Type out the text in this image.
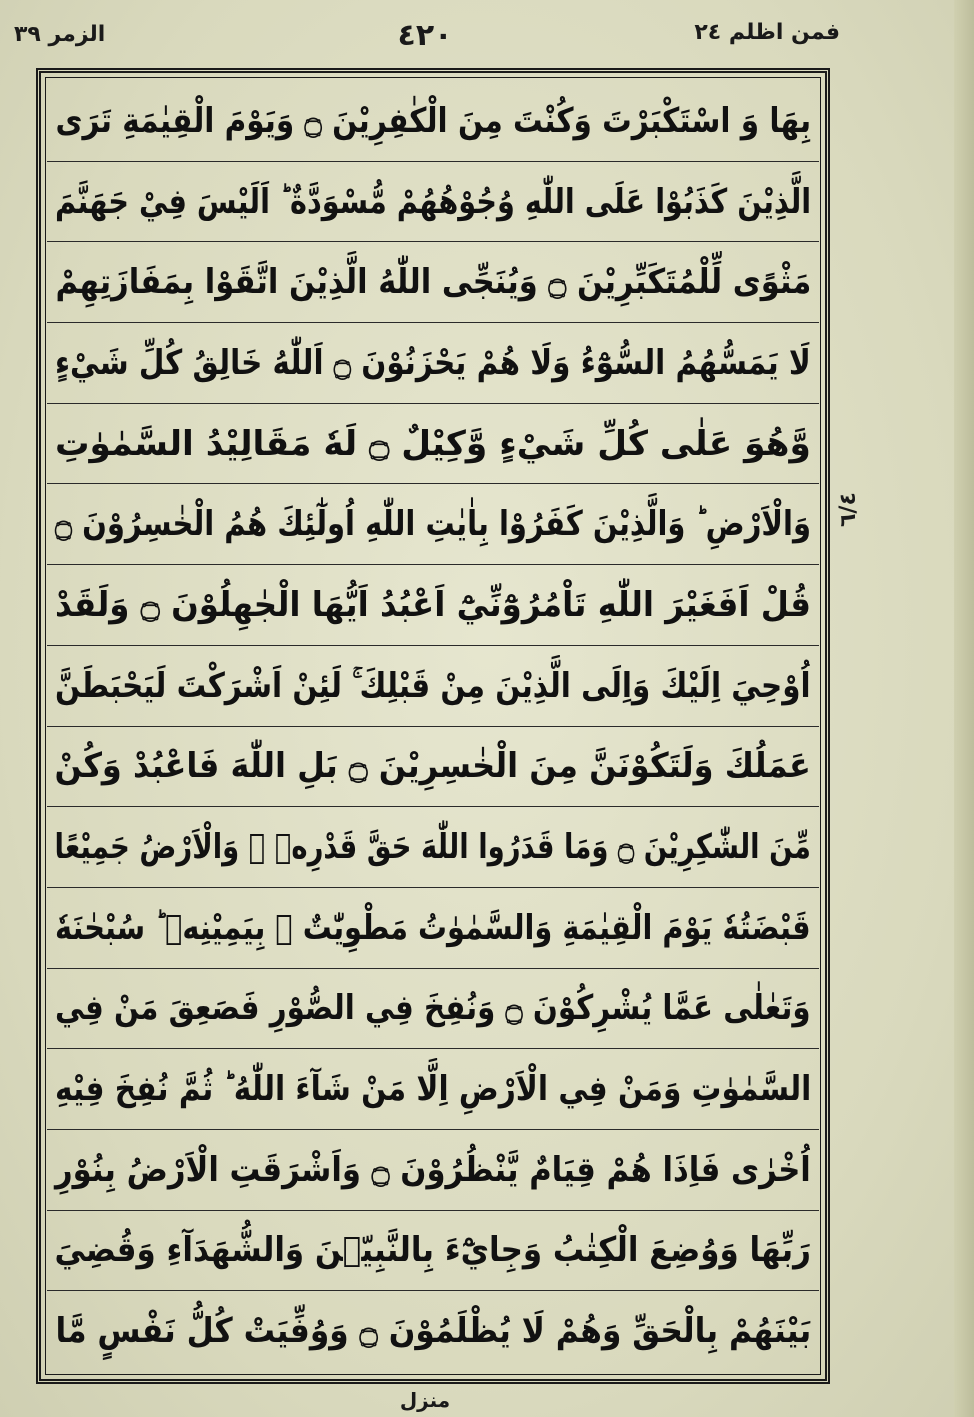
الزمر ٣٩	٤٢٠	فمن اظلم ٢٤
بِهَا وَ اسْتَكْبَرْتَ وَكُنْتَ مِنَ الْكٰفِرِيْنَ ۝ وَيَوْمَ الْقِيٰمَةِ تَرَى
الَّذِيْنَ كَذَبُوْا عَلَى اللّٰهِ وُجُوْهُهُمْ مُّسْوَدَّةٌ ؕ اَلَيْسَ فِيْ جَهَنَّمَ
مَثْوًى لِّلْمُتَكَبِّرِيْنَ ۝ وَيُنَجِّى اللّٰهُ الَّذِيْنَ اتَّقَوْا بِمَفَازَتِهِمْ
لَا يَمَسُّهُمُ السُّوْٓءُ وَلَا هُمْ يَحْزَنُوْنَ ۝ اَللّٰهُ خَالِقُ كُلِّ شَيْءٍ
وَّهُوَ عَلٰى كُلِّ شَيْءٍ وَّكِيْلٌ ۝ لَهٗ مَقَالِيْدُ السَّمٰوٰتِ
وَالْاَرْضِ ؕ وَالَّذِيْنَ كَفَرُوْا بِاٰيٰتِ اللّٰهِ اُولٰٓئِكَ هُمُ الْخٰسِرُوْنَ ۝
قُلْ اَفَغَيْرَ اللّٰهِ تَاْمُرُوْٓنِّيْٓ اَعْبُدُ اَيُّهَا الْجٰهِلُوْنَ ۝ وَلَقَدْ
اُوْحِيَ اِلَيْكَ وَاِلَى الَّذِيْنَ مِنْ قَبْلِكَ ۚ لَئِنْ اَشْرَكْتَ لَيَحْبَطَنَّ
عَمَلُكَ وَلَتَكُوْنَنَّ مِنَ الْخٰسِرِيْنَ ۝ بَلِ اللّٰهَ فَاعْبُدْ وَكُنْ
مِّنَ الشّٰكِرِيْنَ ۝ وَمَا قَدَرُوا اللّٰهَ حَقَّ قَدْرِهٖ ۖ وَالْاَرْضُ جَمِيْعًا
قَبْضَتُهٗ يَوْمَ الْقِيٰمَةِ وَالسَّمٰوٰتُ مَطْوِيّٰتٌ ۢ بِيَمِيْنِهٖ ؕ سُبْحٰنَهٗ
وَتَعٰلٰى عَمَّا يُشْرِكُوْنَ ۝ وَنُفِخَ فِي الصُّوْرِ فَصَعِقَ مَنْ فِي
السَّمٰوٰتِ وَمَنْ فِي الْاَرْضِ اِلَّا مَنْ شَآءَ اللّٰهُ ؕ ثُمَّ نُفِخَ فِيْهِ
اُخْرٰى فَاِذَا هُمْ قِيَامٌ يَّنْظُرُوْنَ ۝ وَاَشْرَقَتِ الْاَرْضُ بِنُوْرِ
رَبِّهَا وَوُضِعَ الْكِتٰبُ وَجِايْٓءَ بِالنَّبِيّٖنَ وَالشُّهَدَآءِ وَقُضِيَ
بَيْنَهُمْ بِالْحَقِّ وَهُمْ لَا يُظْلَمُوْنَ ۝ وَوُفِّيَتْ كُلُّ نَفْسٍ مَّا
٦/٤
منزل
